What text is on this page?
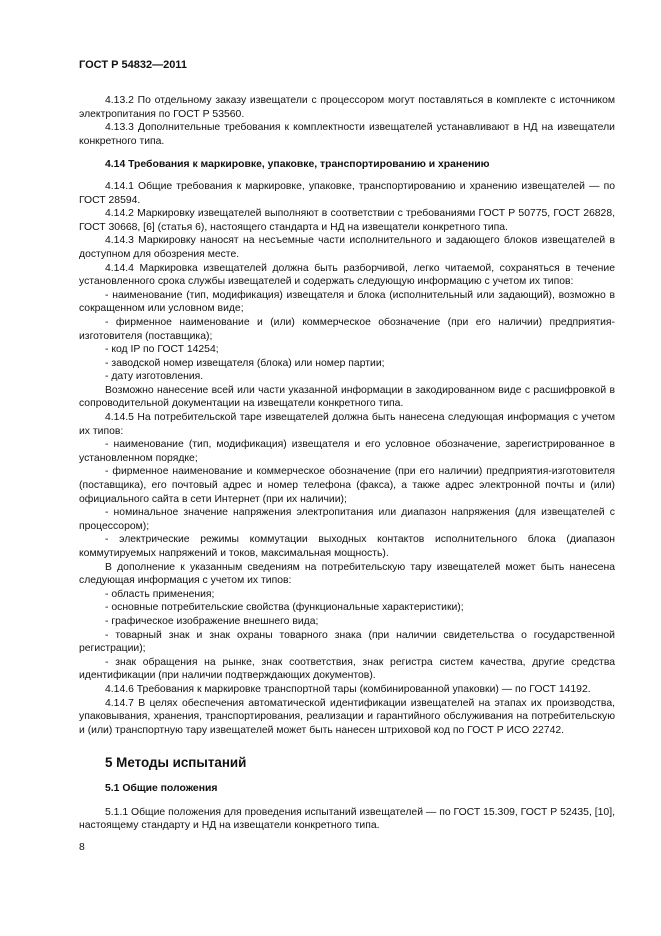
ГОСТ Р 54832—2011

4.13.2 По отдельному заказу извещатели с процессором могут поставляться в комплекте с источником электропитания по ГОСТ Р 53560.

4.13.3 Дополнительные требования к комплектности извещателей устанавливают в НД на извещатели конкретного типа.

4.14 Требования к маркировке, упаковке, транспортированию и хранению

4.14.1 Общие требования к маркировке, упаковке, транспортированию и хранению извещателей — по ГОСТ 28594.

4.14.2 Маркировку извещателей выполняют в соответствии с требованиями ГОСТ Р 50775, ГОСТ 26828, ГОСТ 30668, [6] (статья 6), настоящего стандарта и НД на извещатели конкретного типа.

4.14.3 Маркировку наносят на несъемные части исполнительного и задающего блоков извещателей в доступном для обозрения месте.

4.14.4 Маркировка извещателей должна быть разборчивой, легко читаемой, сохраняться в течение установленного срока службы извещателей и содержать следующую информацию с учетом их типов:

- наименование (тип, модификация) извещателя и блока (исполнительный или задающий), возможно в сокращенном или условном виде;

- фирменное наименование и (или) коммерческое обозначение (при его наличии) предприятия-изготовителя (поставщика);

- код IP по ГОСТ 14254;

- заводской номер извещателя (блока) или номер партии;

- дату изготовления.

Возможно нанесение всей или части указанной информации в закодированном виде с расшифровкой в сопроводительной документации на извещатели конкретного типа.

4.14.5 На потребительской таре извещателей должна быть нанесена следующая информация с учетом их типов:

- наименование (тип, модификация) извещателя и его условное обозначение, зарегистрированное в установленном порядке;

- фирменное наименование и коммерческое обозначение (при его наличии) предприятия-изготовителя (поставщика), его почтовый адрес и номер телефона (факса), а также адрес электронной почты и (или) официального сайта в сети Интернет (при их наличии);

- номинальное значение напряжения электропитания или диапазон напряжения (для извещателей с процессором);

- электрические режимы коммутации выходных контактов исполнительного блока (диапазон коммутируемых напряжений и токов, максимальная мощность).

В дополнение к указанным сведениям на потребительскую тару извещателей может быть нанесена следующая информация с учетом их типов:

- область применения;

- основные потребительские свойства (функциональные характеристики);

- графическое изображение внешнего вида;

- товарный знак и знак охраны товарного знака (при наличии свидетельства о государственной регистрации);

- знак обращения на рынке, знак соответствия, знак регистра систем качества, другие средства идентификации (при наличии подтверждающих документов).

4.14.6 Требования к маркировке транспортной тары (комбинированной упаковки) — по ГОСТ 14192.

4.14.7 В целях обеспечения автоматической идентификации извещателей на этапах их производства, упаковывания, хранения, транспортирования, реализации и гарантийного обслуживания на потребительскую и (или) транспортную тару извещателей может быть нанесен штриховой код по ГОСТ Р ИСО 22742.

5 Методы испытаний
5.1 Общие положения

5.1.1 Общие положения для проведения испытаний извещателей — по ГОСТ 15.309, ГОСТ Р 52435, [10], настоящему стандарту и НД на извещатели конкретного типа.

8
